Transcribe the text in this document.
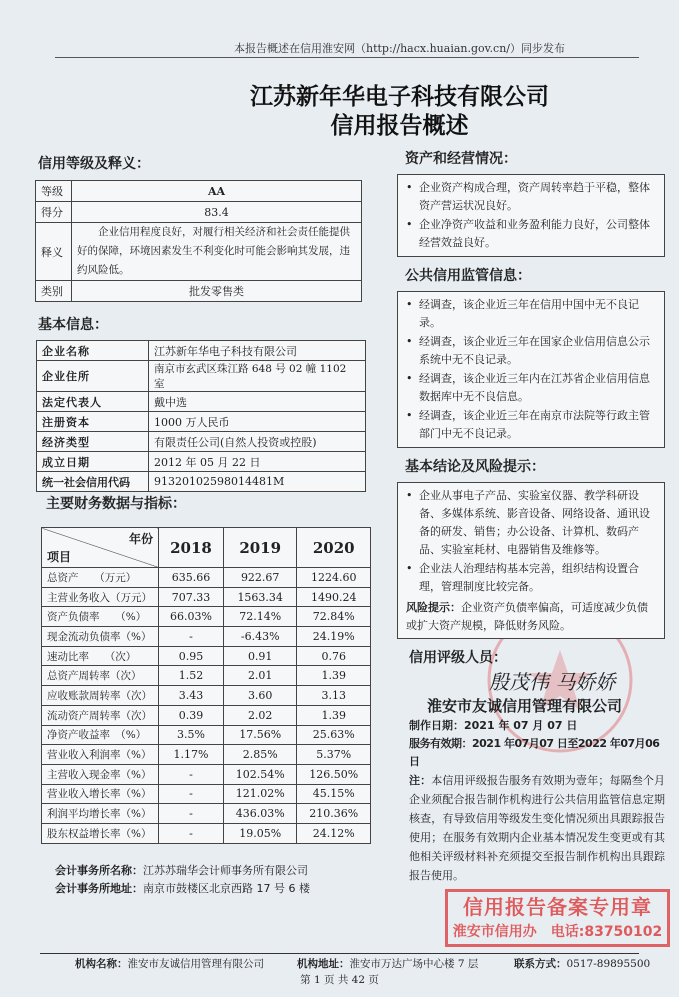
本报告概述在信用淮安网（http://hacx.huaian.gov.cn/）同步发布
江苏新年华电子科技有限公司
信用报告概述
信用等级及释义：
等级	AA
得分	83.4
释义	企业信用程度良好，对履行相关经济和社会责任能提供好的保障，环境因素发生不利变化时可能会影响其发展，违约风险低。
类别	批发零售类
基本信息：
企业名称	江苏新年华电子科技有限公司
企业住所	南京市玄武区珠江路 648 号 02 幢 1102 室
法定代表人	戴中选
注册资本	1000 万人民币
经济类型	有限责任公司(自然人投资或控股)
成立日期	2012 年 05 月 22 日
统一社会信用代码	91320102598014481M
主要财务数据与指标：
年份
项目	2018	2019	2020
总资产　　（万元）	635.66	922.67	1224.60
主营业务收入（万元）	707.33	1563.34	1490.24
资产负债率　　（%）	66.03%	72.14%	72.84%
现金流动负债率（%）	-	-6.43%	24.19%
速动比率　　（次）	0.95	0.91	0.76
总资产周转率（次）	1.52	2.01	1.39
应收账款周转率（次）	3.43	3.60	3.13
流动资产周转率（次）	0.39	2.02	1.39
净资产收益率　（%）	3.5%	17.56%	25.63%
营业收入利润率（%）	1.17%	2.85%	5.37%
主营收入现金率（%）	-	102.54%	126.50%
营业收入增长率（%）	-	121.02%	45.15%
利润平均增长率（%）	-	436.03%	210.36%
股东权益增长率（%）	-	19.05%	24.12%
会计事务所名称：江苏苏瑞华会计师事务所有限公司
会计事务所地址：南京市鼓楼区北京西路 17 号 6 楼
资产和经营情况：
• 企业资产构成合理，资产周转率趋于平稳，整体资产营运状况良好。
• 企业净资产收益和业务盈利能力良好，公司整体经营效益良好。
公共信用监管信息：
• 经调查，该企业近三年在信用中国中无不良记录。
• 经调查，该企业近三年在国家企业信用信息公示系统中无不良记录。
• 经调查，该企业近三年内在江苏省企业信用信息数据库中无不良信息。
• 经调查，该企业近三年在南京市法院等行政主管部门中无不良记录。
基本结论及风险提示：
• 企业从事电子产品、实验室仪器、教学科研设备、多媒体系统、影音设备、网络设备、通讯设备的研发、销售；办公设备、计算机、数码产品、实验室耗材、电器销售及维修等。
• 企业法人治理结构基本完善，组织结构设置合理，管理制度比较完备。
风险提示：企业资产负债率偏高，可适度减少负债或扩大资产规模，降低财务风险。
信用评级人员：
殷茂伟 马娇娇
淮安市友诚信用管理有限公司
制作日期：2021 年 07 月 07 日
服务有效期：2021 年07月07 日至2022 年07月06 日
注：本信用评级报告服务有效期为壹年；每隔叁个月企业须配合报告制作机构进行公共信用监管信息定期核查，有导致信用等级发生变化情况须出具跟踪报告使用；在服务有效期内企业基本情况发生变更或有其他相关评级材料补充须提交至报告制作机构出具跟踪报告使用。
信用报告备案专用章
淮安市信用办　电话:83750102
机构名称：淮安市友诚信用管理有限公司	机构地址：淮安市万达广场中心楼 7 层	联系方式：0517-89895500
第 1 页 共 42 页
